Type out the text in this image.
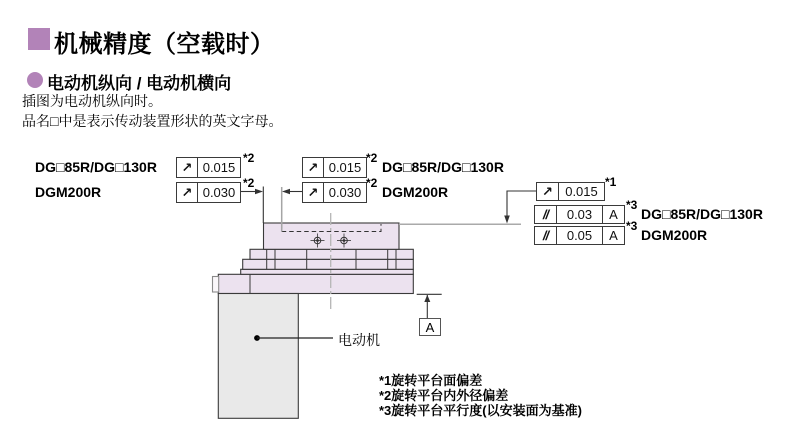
机械精度（空载时）
电动机纵向 / 电动机横向
插图为电动机纵向时。
品名□中是表示传动装置形状的英文字母。
DG□85R/DG□130R	↗ 0.015
*2
DGM200R	↗ 0.030
*2
↗ 0.015
*2
DG□85R/DG□130R
↗ 0.030
*2
DGM200R	↗ 0.015
*1
//	0.03	A
*3
DG□85R/DG□130R
//	0.05	A
*3
DGM200R
A
电动机
*1旋转平台面偏差
*2旋转平台内外径偏差
*3旋转平台平行度(以安装面为基准)
